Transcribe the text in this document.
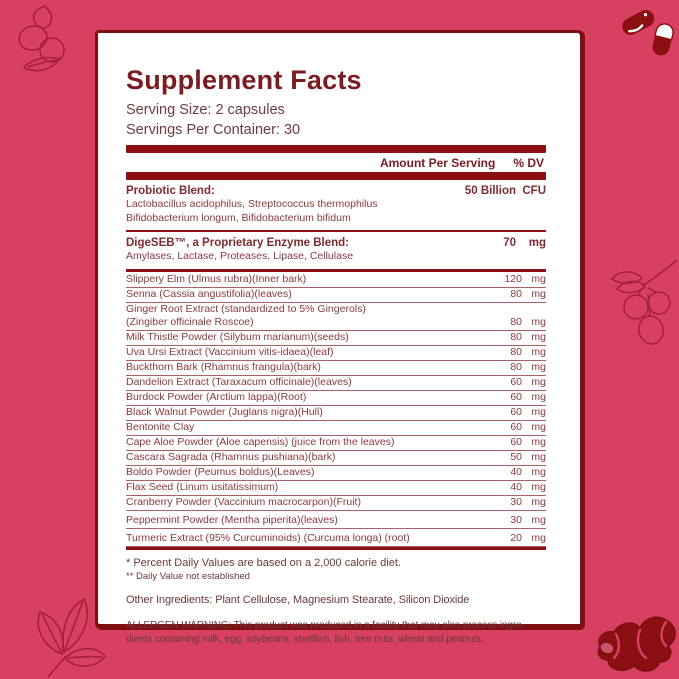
Supplement Facts
Serving Size: 2 capsules
Servings Per Container: 30
Amount Per Serving % DV
Probiotic Blend:	50 Billion CFU
Lactobacillus acidophilus, Streptococcus thermophilus
Bifidobacterium longum, Bifidobacterium bifidum
DigeSEB™, a Proprietary Enzyme Blend:	70	mg
Amylases, Lactase, Proteases, Lipase, Cellulase
Slippery Elm (Ulmus rubra)(Inner bark)	120 mg
Senna (Cassia angustifolia)(leaves)	80 mg
Ginger Root Extract (standardized to 5% Gingerols)
(Zingiber officinale Roscoe)	80 mg
Milk Thistle Powder (Silybum marianum)(seeds)	80 mg
Uva Ursi Extract (Vaccinium vitis-idaea)(leaf)	80 mg
Buckthorn Bark (Rhamnus frangula)(bark)	80 mg
Dandelion Extract (Taraxacum officinale)(leaves)	60 mg
Burdock Powder (Arctium lappa)(Root)	60 mg
Black Walnut Powder (Juglans nigra)(Hull)	60 mg
Bentonite Clay	60 mg
Cape Aloe Powder (Aloe capensis) (juice from the leaves)	60 mg
Cascara Sagrada (Rhamnus pushiana)(bark)	50 mg
Boldo Powder (Peumus boldus)(Leaves)	40 mg
Flax Seed (Linum usitatissimum)	40 mg
Cranberry Powder (Vaccinium macrocarpon)(Fruit)	30 mg
Peppermint Powder (Mentha piperita)(leaves)	30 mg
Turmeric Extract (95% Curcuminoids) (Curcuma longa) (root)	20 mg
* Percent Daily Values are based on a 2,000 calorie diet.
** Daily Value not established
Other Ingredients: Plant Cellulose, Magnesium Stearate, Silicon Dioxide
ALLERGEN WARNING: This product was produced in a facility that may also process ingre-
dients containing milk, egg, soybeans, shellfish, fish, tree nuts, wheat and peanuts.
